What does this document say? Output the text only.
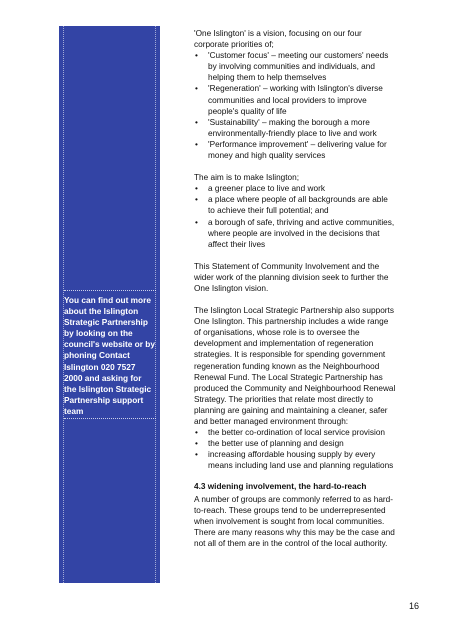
You can find out more
about the Islington
Strategic Partnership
by looking on the
council's website or by
phoning Contact
Islington 020 7527
2000 and asking for
the Islington Strategic
Partnership support
team
'One Islington' is a vision, focusing on our four
corporate priorities of;
• 'Customer focus' – meeting our customers' needs
by involving communities and individuals, and
helping them to help themselves
• 'Regeneration' – working with Islington's diverse
communities and local providers to improve
people's quality of life
• 'Sustainability' – making the borough a more
environmentally-friendly place to live and work
• 'Performance improvement' – delivering value for
money and high quality services
The aim is to make Islington;
• a greener place to live and work
• a place where people of all backgrounds are able
to achieve their full potential; and
• a borough of safe, thriving and active communities,
where people are involved in the decisions that
affect their lives
This Statement of Community Involvement and the
wider work of the planning division seek to further the
One Islington vision.
The Islington Local Strategic Partnership also supports
One Islington. This partnership includes a wide range
of organisations, whose role is to oversee the
development and implementation of regeneration
strategies. It is responsible for spending government
regeneration funding known as the Neighbourhood
Renewal Fund. The Local Strategic Partnership has
produced the Community and Neighbourhood Renewal
Strategy. The priorities that relate most directly to
planning are gaining and maintaining a cleaner, safer
and better managed environment through:
• the better co-ordination of local service provision
• the better use of planning and design
• increasing affordable housing supply by every
means including land use and planning regulations
4.3 widening involvement, the hard-to-reach
A number of groups are commonly referred to as hard-
to-reach. These groups tend to be underrepresented
when involvement is sought from local communities.
There are many reasons why this may be the case and
not all of them are in the control of the local authority.
16
